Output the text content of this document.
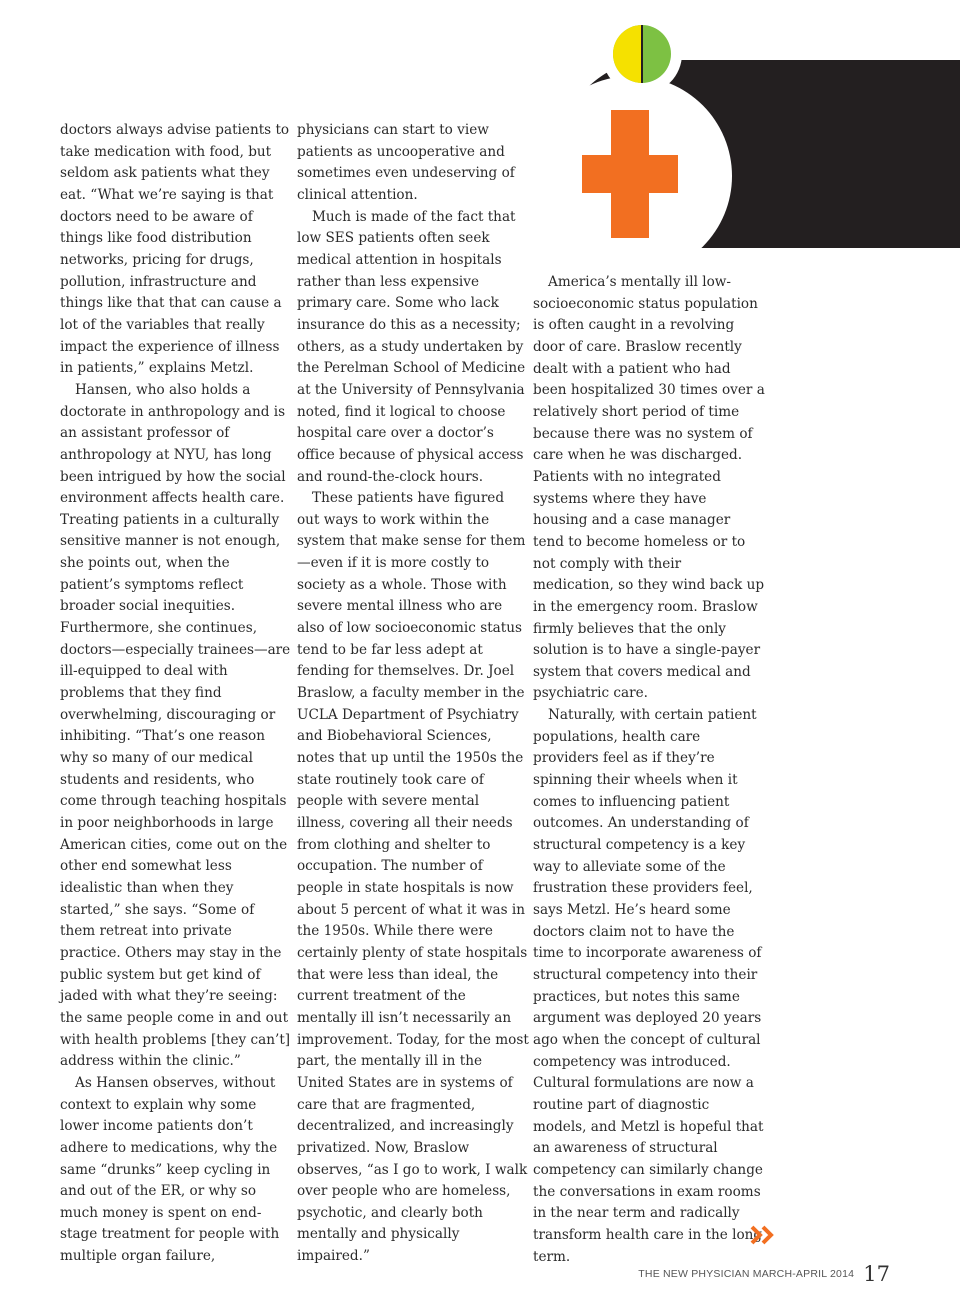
doctors always advise patients to take medication with food, but seldom ask patients what they eat. “What we’re saying is that doctors need to be aware of things like food distribution networks, pricing for drugs, pollution, infrastructure and things like that that can cause a lot of the variables that really impact the experience of illness in patients,” explains Metzl.

Hansen, who also holds a doctorate in anthropology and is an assistant professor of anthropology at NYU, has long been intrigued by how the social environment affects health care. Treating patients in a culturally sensitive manner is not enough, she points out, when the patient’s symptoms reflect broader social inequities. Furthermore, she continues, doctors—especially trainees—are ill-equipped to deal with problems that they find overwhelming, discouraging or inhibiting. “That’s one reason why so many of our medical students and residents, who come through teaching hospitals in poor neighborhoods in large American cities, come out on the other end somewhat less idealistic than when they started,” she says. “Some of them retreat into private practice. Others may stay in the public system but get kind of jaded with what they’re seeing: the same people come in and out with health problems [they can’t] address within the clinic.”

As Hansen observes, without context to explain why some lower income patients don’t adhere to medications, why the same “drunks” keep cycling in and out of the ER, or why so much money is spent on end-stage treatment for people with multiple organ failure,

physicians can start to view patients as uncooperative and sometimes even undeserving of clinical attention.

Much is made of the fact that low SES patients often seek medical attention in hospitals rather than less expensive primary care. Some who lack insurance do this as a necessity; others, as a study undertaken by the Perelman School of Medicine at the University of Pennsylvania noted, find it logical to choose hospital care over a doctor’s office because of physical access and round-the-clock hours.

These patients have figured out ways to work within the system that make sense for them—even if it is more costly to society as a whole. Those with severe mental illness who are also of low socioeconomic status tend to be far less adept at fending for themselves. Dr. Joel Braslow, a faculty member in the UCLA Department of Psychiatry and Biobehavioral Sciences, notes that up until the 1950s the state routinely took care of people with severe mental illness, covering all their needs from clothing and shelter to occupation. The number of people in state hospitals is now about 5 percent of what it was in the 1950s. While there were certainly plenty of state hospitals that were less than ideal, the current treatment of the mentally ill isn’t necessarily an improvement. Today, for the most part, the mentally ill in the United States are in systems of care that are fragmented, decentralized, and increasingly privatized. Now, Braslow observes, “as I go to work, I walk over people who are homeless, psychotic, and clearly both mentally and physically impaired.”

America’s mentally ill low-socioeconomic status population is often caught in a revolving door of care. Braslow recently dealt with a patient who had been hospitalized 30 times over a relatively short period of time because there was no system of care when he was discharged. Patients with no integrated systems where they have housing and a case manager tend to become homeless or to not comply with their medication, so they wind back up in the emergency room. Braslow firmly believes that the only solution is to have a single-payer system that covers medical and psychiatric care.

Naturally, with certain patient populations, health care providers feel as if they’re spinning their wheels when it comes to influencing patient outcomes. An understanding of structural competency is a key way to alleviate some of the frustration these providers feel, says Metzl. He’s heard some doctors claim not to have the time to incorporate awareness of structural competency into their practices, but notes this same argument was deployed 20 years ago when the concept of cultural competency was introduced. Cultural formulations are now a routine part of diagnostic models, and Metzl is hopeful that an awareness of structural competency can similarly change the conversations in exam rooms in the near term and radically transform health care in the long term.

$^{THE NEW PHYSICIAN MARCH-APRIL 2014}$ 17
